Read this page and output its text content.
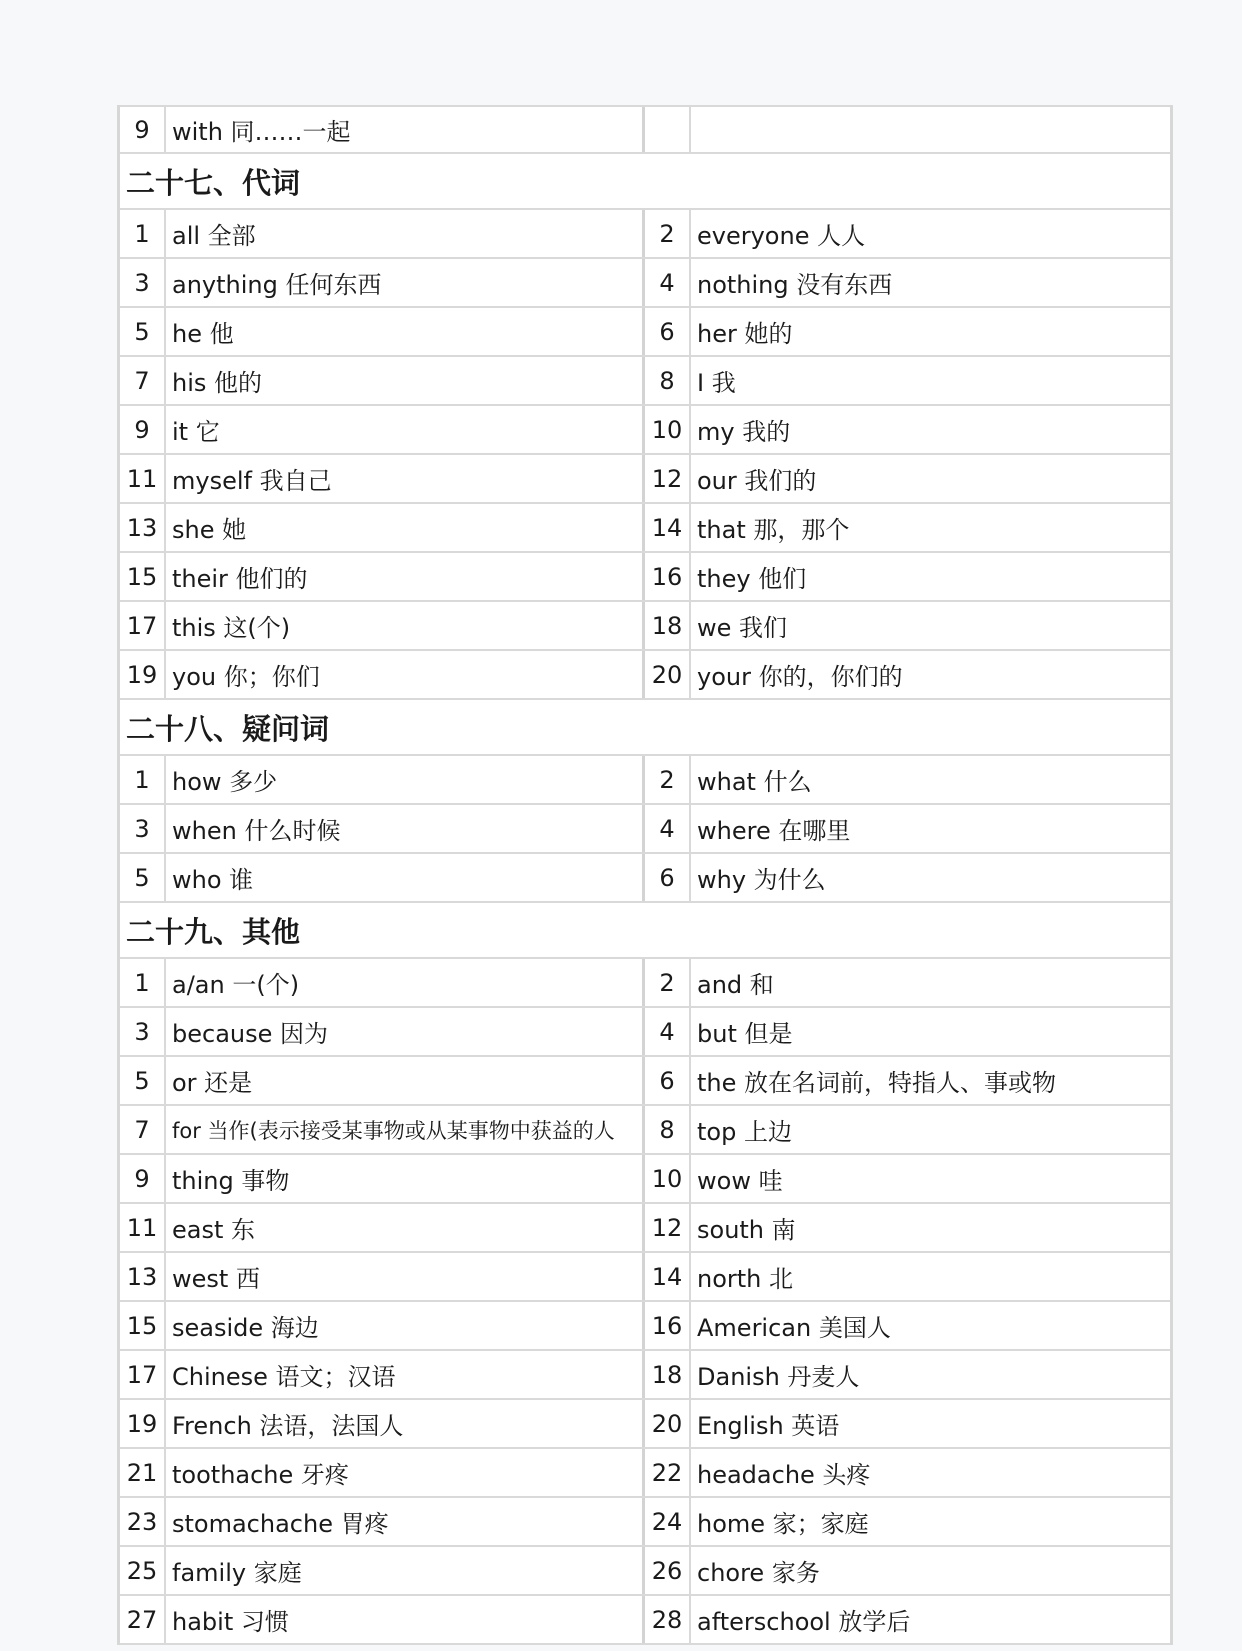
9 with 同……一起
二十七、代词
1 all 全部	2 everyone 人人
3 anything 任何东西	4 nothing 没有东西
5 he 他	6 her 她的
7 his 他的	8 I 我
9 it 它	10 my 我的
11 myself 我自己	12 our 我们的
13 she 她	14 that 那，那个
15 their 他们的	16 they 他们
17 this 这(个)	18 we 我们
19 you 你；你们	20 your 你的，你们的
二十八、疑问词
1 how 多少	2 what 什么
3 when 什么时候	4 where 在哪里
5 who 谁	6 why 为什么
二十九、其他
1 a/an 一(个)	2 and 和
3 because 因为	4 but 但是
5 or 还是	6 the 放在名词前，特指人、事或物
7	for 当作(表示接受某事物或从某事物中获益的人	8 top 上边
9 thing 事物	10 wow 哇
11 east 东	12 south 南
13 west 西	14 north 北
15 seaside 海边	16 American 美国人
17 Chinese 语文；汉语	18 Danish 丹麦人
19 French 法语，法国人	20 English 英语
21 toothache 牙疼	22 headache 头疼
23 stomachache 胃疼	24 home 家；家庭
25 family 家庭	26 chore 家务
27 habit 习惯	28 afterschool 放学后
